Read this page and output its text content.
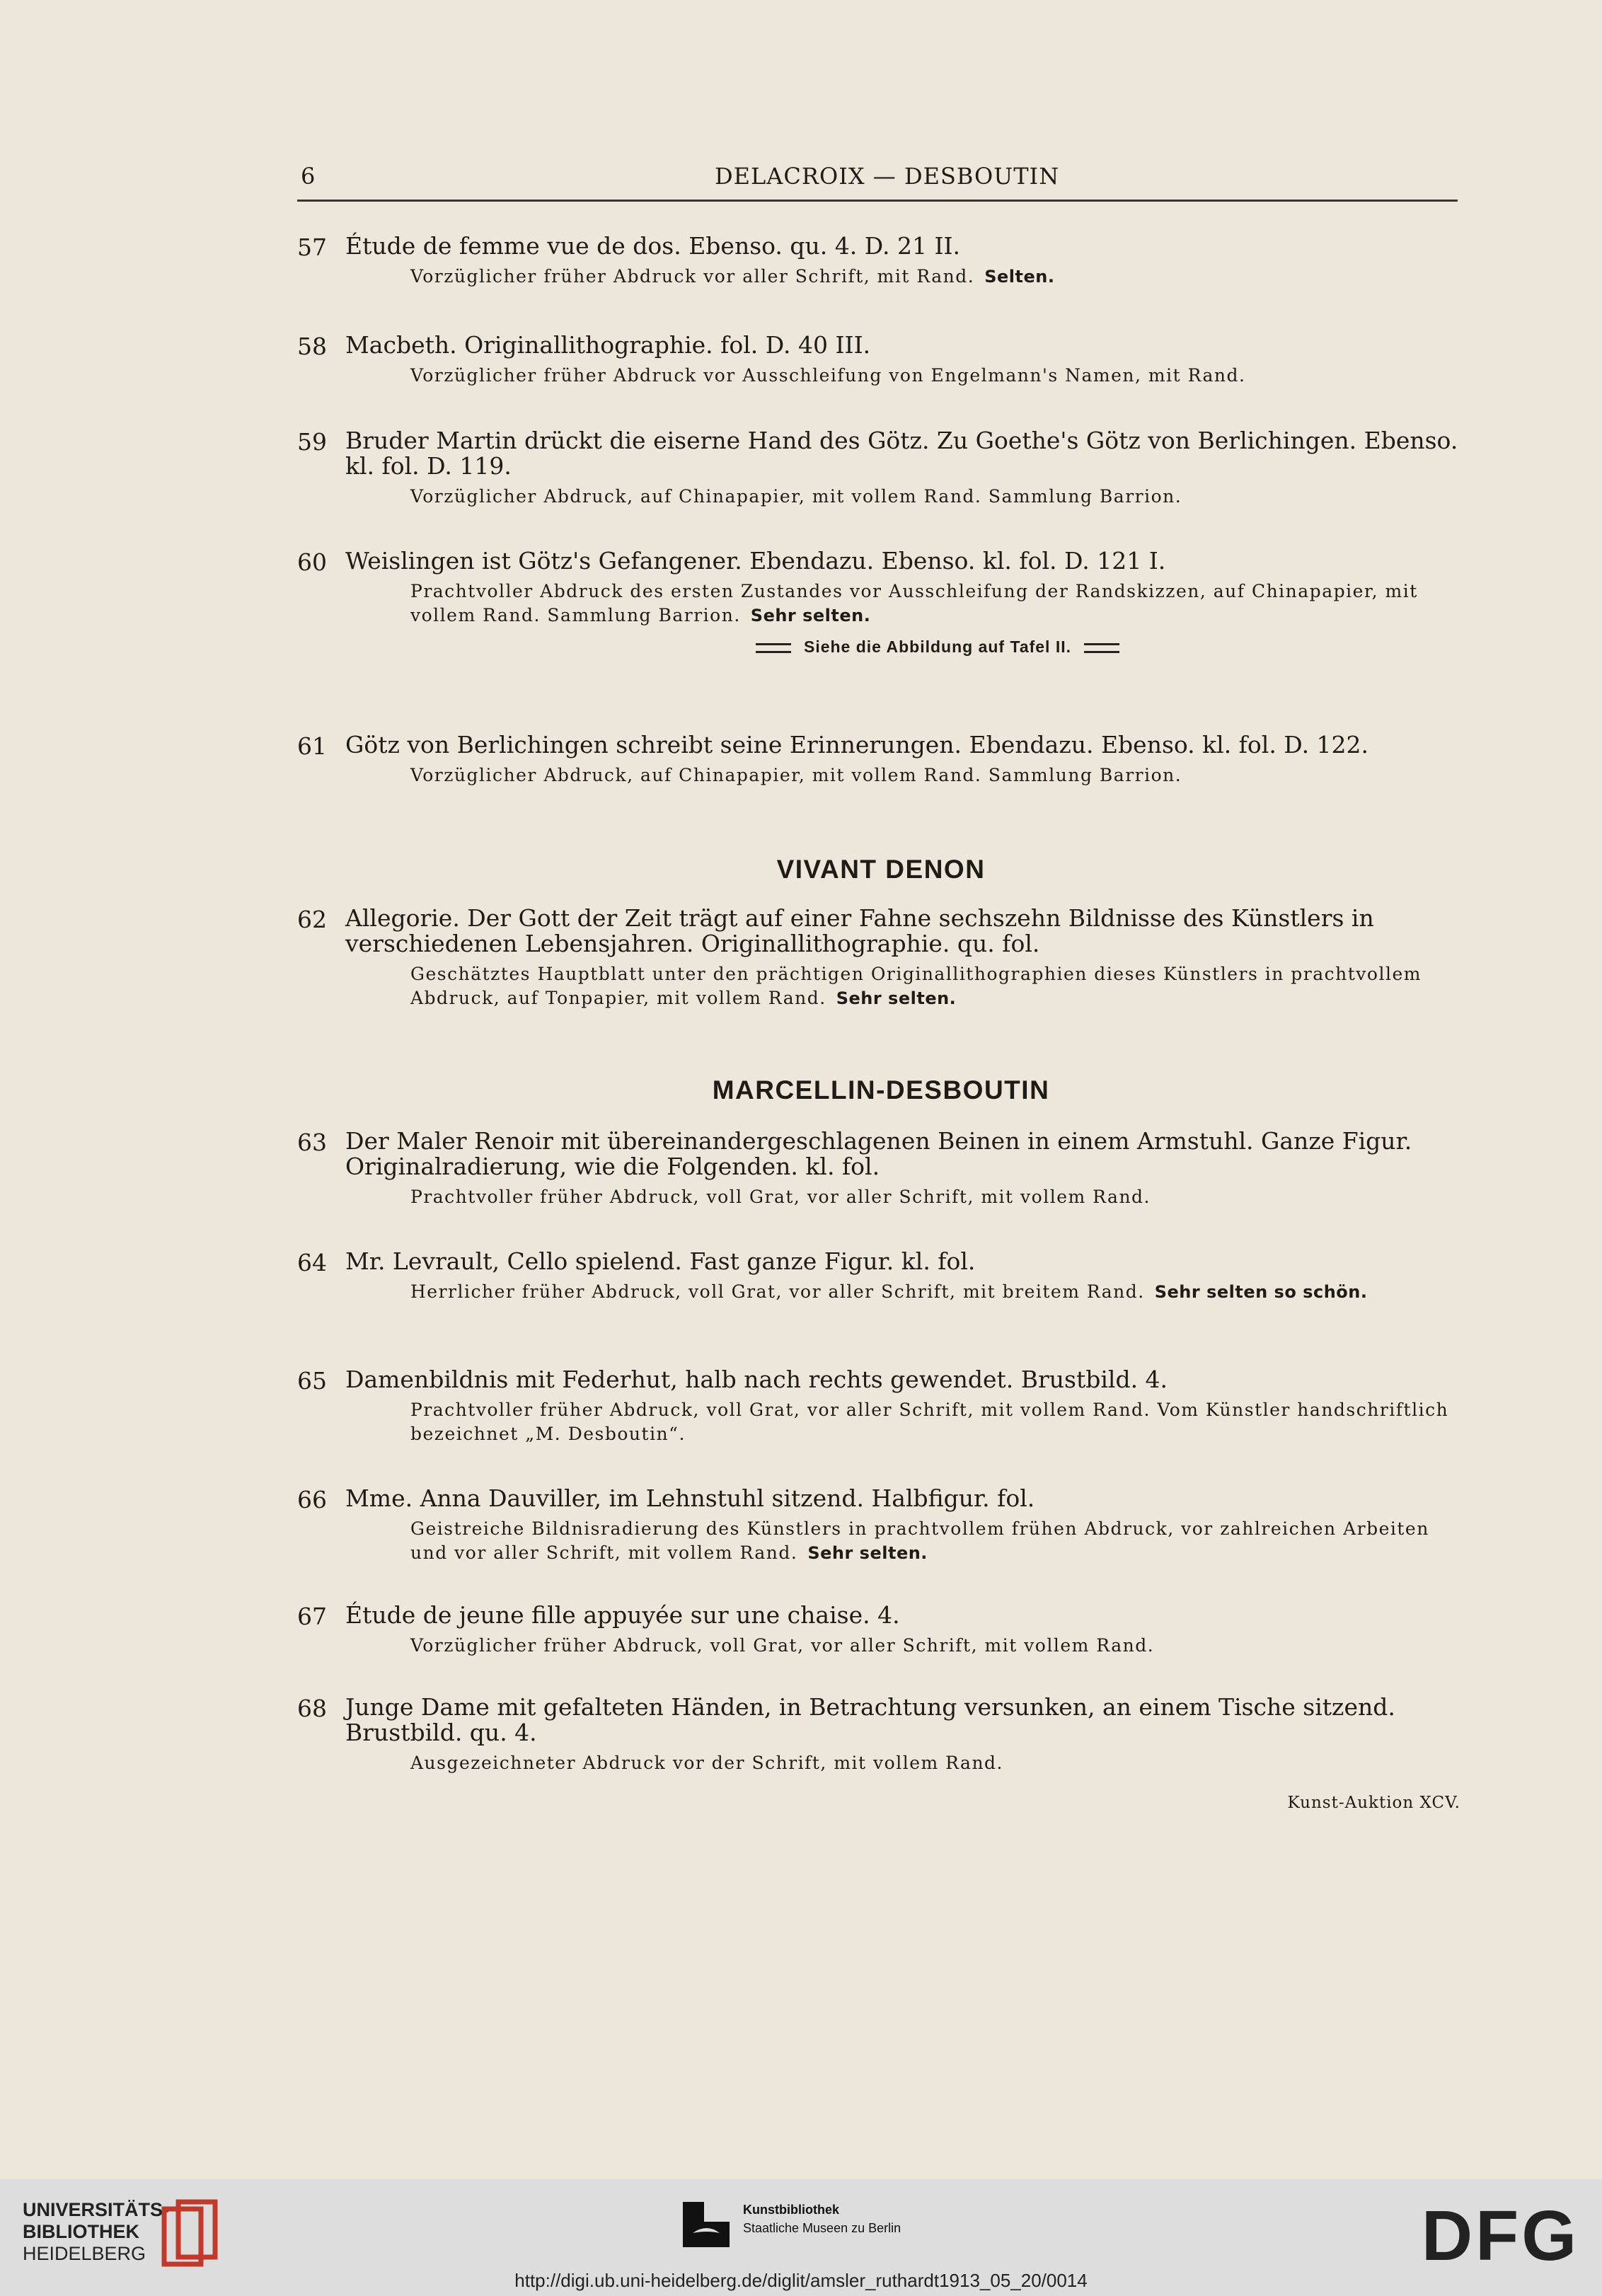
6	DELACROIX — DESBOUTIN
57 Étude de femme vue de dos. Ebenso. qu. 4. D. 21 II.
Vorzüglicher früher Abdruck vor aller Schrift, mit Rand. Selten.
58 Macbeth. Originallithographie. fol. D. 40 III.
Vorzüglicher früher Abdruck vor Ausschleifung von Engelmann's Namen, mit Rand.
59 Bruder Martin drückt die eiserne Hand des Götz. Zu Goethe's Götz von Berlichingen. Ebenso. kl. fol. D. 119.
Vorzüglicher Abdruck, auf Chinapapier, mit vollem Rand. Sammlung Barrion.
60 Weislingen ist Götz's Gefangener. Ebendazu. Ebenso. kl. fol. D. 121 I.
Prachtvoller Abdruck des ersten Zustandes vor Ausschleifung der Randskizzen, auf Chinapapier, mit vollem Rand. Sammlung Barrion. Sehr selten.
Siehe die Abbildung auf Tafel II.
61 Götz von Berlichingen schreibt seine Erinnerungen. Ebendazu. Ebenso. kl. fol. D. 122.
Vorzüglicher Abdruck, auf Chinapapier, mit vollem Rand. Sammlung Barrion.
VIVANT DENON
62 Allegorie. Der Gott der Zeit trägt auf einer Fahne sechszehn Bildnisse des Künstlers in verschiedenen Lebensjahren. Originallithographie. qu. fol.
Geschätztes Hauptblatt unter den prächtigen Originallithographien dieses Künstlers in prachtvollem Abdruck, auf Tonpapier, mit vollem Rand. Sehr selten.
MARCELLIN-DESBOUTIN
63 Der Maler Renoir mit übereinandergeschlagenen Beinen in einem Armstuhl. Ganze Figur. Originalradierung, wie die Folgenden. kl. fol.
Prachtvoller früher Abdruck, voll Grat, vor aller Schrift, mit vollem Rand.
64 Mr. Levrault, Cello spielend. Fast ganze Figur. kl. fol.
Herrlicher früher Abdruck, voll Grat, vor aller Schrift, mit breitem Rand. Sehr selten so schön.
65 Damenbildnis mit Federhut, halb nach rechts gewendet. Brustbild. 4.
Prachtvoller früher Abdruck, voll Grat, vor aller Schrift, mit vollem Rand. Vom Künstler handschriftlich bezeichnet „M. Desboutin“.
66 Mme. Anna Dauviller, im Lehnstuhl sitzend. Halbfigur. fol.
Geistreiche Bildnisradierung des Künstlers in prachtvollem frühen Abdruck, vor zahlreichen Arbeiten und vor aller Schrift, mit vollem Rand. Sehr selten.
67 Étude de jeune fille appuyée sur une chaise. 4.
Vorzüglicher früher Abdruck, voll Grat, vor aller Schrift, mit vollem Rand.
68 Junge Dame mit gefalteten Händen, in Betrachtung versunken, an einem Tische sitzend. Brustbild. qu. 4.
Ausgezeichneter Abdruck vor der Schrift, mit vollem Rand.
Kunst-Auktion XCV.
UNIVERSITÄTS-
BIBLIOTHEK
HEIDELBERG
Kunstbibliothek
Staatliche Museen zu Berlin	DFG
http://digi.ub.uni-heidelberg.de/diglit/amsler_ruthardt1913_05_20/0014
